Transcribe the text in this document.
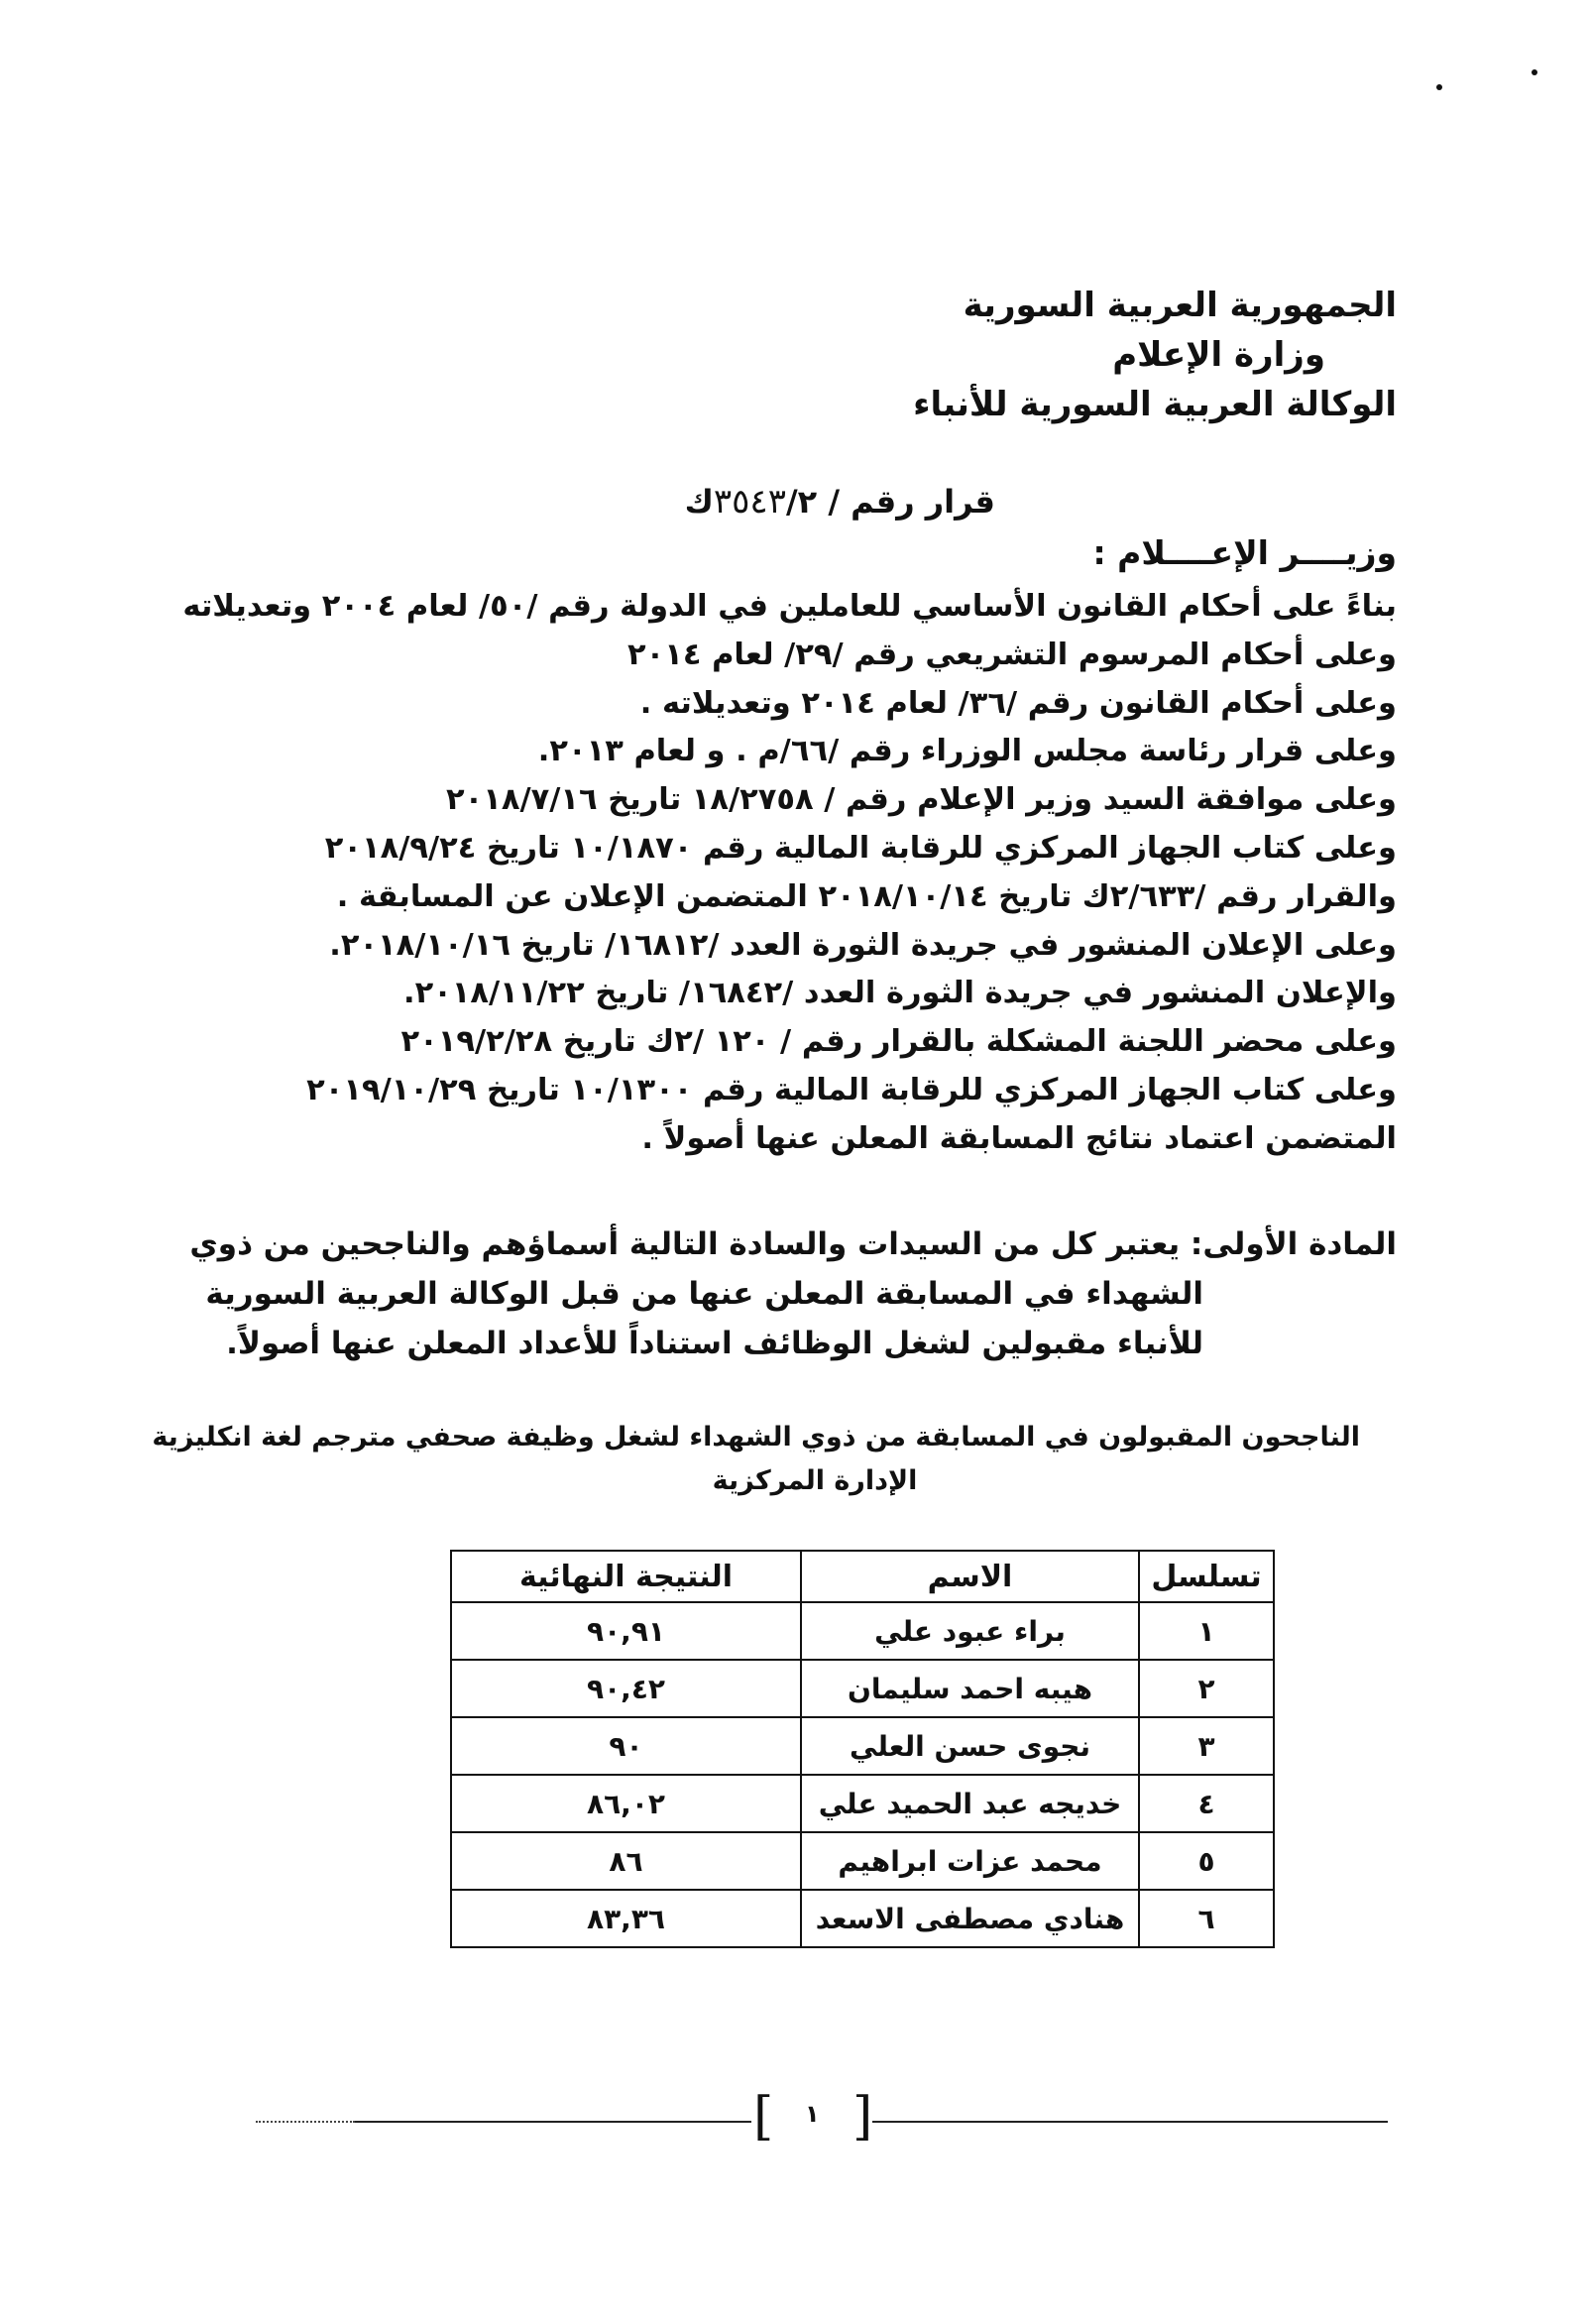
الجمهورية العربية السورية
وزارة الإعلام
الوكالة العربية السورية للأنباء
قرار رقم / ٣٥٤٣/٢ك
وزيــــر الإعــــلام :
بناءً على أحكام القانون الأساسي للعاملين في الدولة رقم /٥٠/ لعام ٢٠٠٤ وتعديلاته
وعلى أحكام المرسوم التشريعي رقم /٢٩/ لعام ٢٠١٤
وعلى أحكام القانون رقم /٣٦/ لعام ٢٠١٤ وتعديلاته .
وعلى قرار رئاسة مجلس الوزراء رقم /٦٦/م . و لعام ٢٠١٣.
وعلى موافقة السيد وزير الإعلام رقم / ١٨/٢٧٥٨ تاريخ ٢٠١٨/٧/١٦
وعلى كتاب الجهاز المركزي للرقابة المالية رقم ١٠/١٨٧٠ تاريخ ٢٠١٨/٩/٢٤
والقرار رقم /٢/٦٣٣ك تاريخ ٢٠١٨/١٠/١٤ المتضمن الإعلان عن المسابقة .
وعلى الإعلان المنشور في جريدة الثورة العدد /١٦٨١٢/ تاريخ ٢٠١٨/١٠/١٦.
والإعلان المنشور في جريدة الثورة العدد /١٦٨٤٢/ تاريخ ٢٠١٨/١١/٢٢.
وعلى محضر اللجنة المشكلة بالقرار رقم / ١٢٠ /٢ك تاريخ ٢٠١٩/٢/٢٨
وعلى كتاب الجهاز المركزي للرقابة المالية رقم ١٠/١٣٠٠ تاريخ ٢٠١٩/١٠/٢٩
المتضمن اعتماد نتائج المسابقة المعلن عنها أصولاً .
المادة الأولى: يعتبر كل من السيدات والسادة التالية أسماؤهم والناجحين من ذوي
الشهداء في المسابقة المعلن عنها من قبل الوكالة العربية السورية
للأنباء مقبولين لشغل الوظائف استناداً للأعداد المعلن عنها أصولاً.
الناجحون المقبولون في المسابقة من ذوي الشهداء لشغل وظيفة صحفي مترجم لغة انكليزية
الإدارة المركزية
تسلسل	الاسم	النتيجة النهائية
١	براء عبود علي	٩٠,٩١
٢	هيبه احمد سليمان	٩٠,٤٢
٣	نجوى حسن العلي	٩٠
٤	خديجه عبد الحميد علي	٨٦,٠٢
٥	محمد عزات ابراهيم	٨٦
٦	هنادي مصطفى الاسعد	٨٣,٣٦
[ ]
١
